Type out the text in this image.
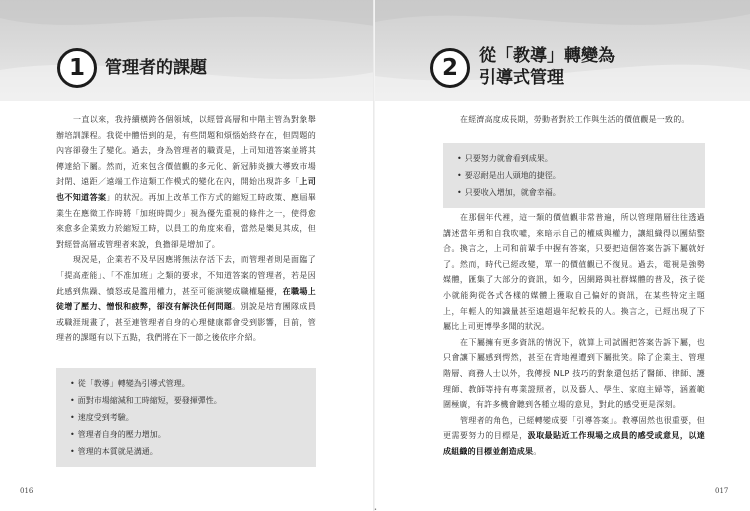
1 管理者的課題

一直以來，我持續橫跨各個領域，以經營高層和中階主管為對象舉辦培訓課程。我從中體悟到的是，有些問題和煩惱始終存在，但問題的內容卻發生了變化。過去，身為管理者的職責是，上司知道答案並將其傳達給下屬。然而，近來包含價值觀的多元化、新冠肺炎擴大導致市場封閉、遠距／遠端工作這類工作模式的變化在內，開始出現許多「上司也不知道答案」的狀況。再加上改革工作方式的縮短工時政策、應屆畢業生在應徵工作時將「加班時間少」視為優先重視的條件之一，使得愈來愈多企業致力於縮短工時，以員工的角度來看，當然是樂見其成，但對經營高層或管理者來說，負擔卻是增加了。

現況是，企業若不及早因應將無法存活下去，而管理者則是面臨了「提高產能」、「不准加班」之類的要求，不知道答案的管理者，若是因此感到焦躁、憤怒或是濫用權力，甚至可能演變成職權騷擾，在職場上徒增了壓力、憎恨和疲弊，卻沒有解決任何問題。別說是培育團隊成員或職涯規畫了，甚至連管理者自身的心理健康都會受到影響，目前，管理者的課題有以下五點，我們將在下一節之後依序介紹。

• 從「教導」轉變為引導式管理。
• 面對市場縮減和工時縮短，要發揮彈性。
• 速度受到考驗。
• 管理者自身的壓力增加。
• 管理的本質就是溝通。
016
2 從「教導」轉變為
引導式管理

在經濟高度成長期，勞動者對於工作與生活的價值觀是一致的。

• 只要努力就會看到成果。
• 要忍耐是出人頭地的捷徑。
• 只要收入增加，就會幸福。

在那個年代裡，這一類的價值觀非常普遍，所以管理階層往往透過講述當年勇和自我吹噓，來暗示自己的權威與權力，讓組織得以團結整合。換言之，上司和前輩手中握有答案，只要把這個答案告訴下屬就好了。然而，時代已經改變，單一的價值觀已不復見。過去，電視是強勢媒體，匯集了大部分的資訊，如今，因網路與社群媒體的普及，孩子從小就能夠從各式各樣的媒體上獲取自己偏好的資訊，在某些特定主題上，年輕人的知識量甚至遠超過年紀較長的人。換言之，已經出現了下屬比上司更博學多聞的狀況。

在下屬擁有更多資訊的情況下，就算上司試圖把答案告訴下屬，也只會讓下屬感到愕然，甚至在背地裡遭到下屬批笑。除了企業主、管理階層、商務人士以外，我傳授 NLP 技巧的對象還包括了醫師、律師、護理師、教師等持有專業證照者，以及藝人、學生、家庭主婦等，涵蓋範圍極廣，有許多機會聽到各種立場的意見，對此的感受更是深刻。

管理者的角色，已經轉變成要「引導答案」。教導固然也很重要，但更需要努力的目標是，汲取最貼近工作現場之成員的感受或意見，以達成組織的目標並創造成果。

017
•
